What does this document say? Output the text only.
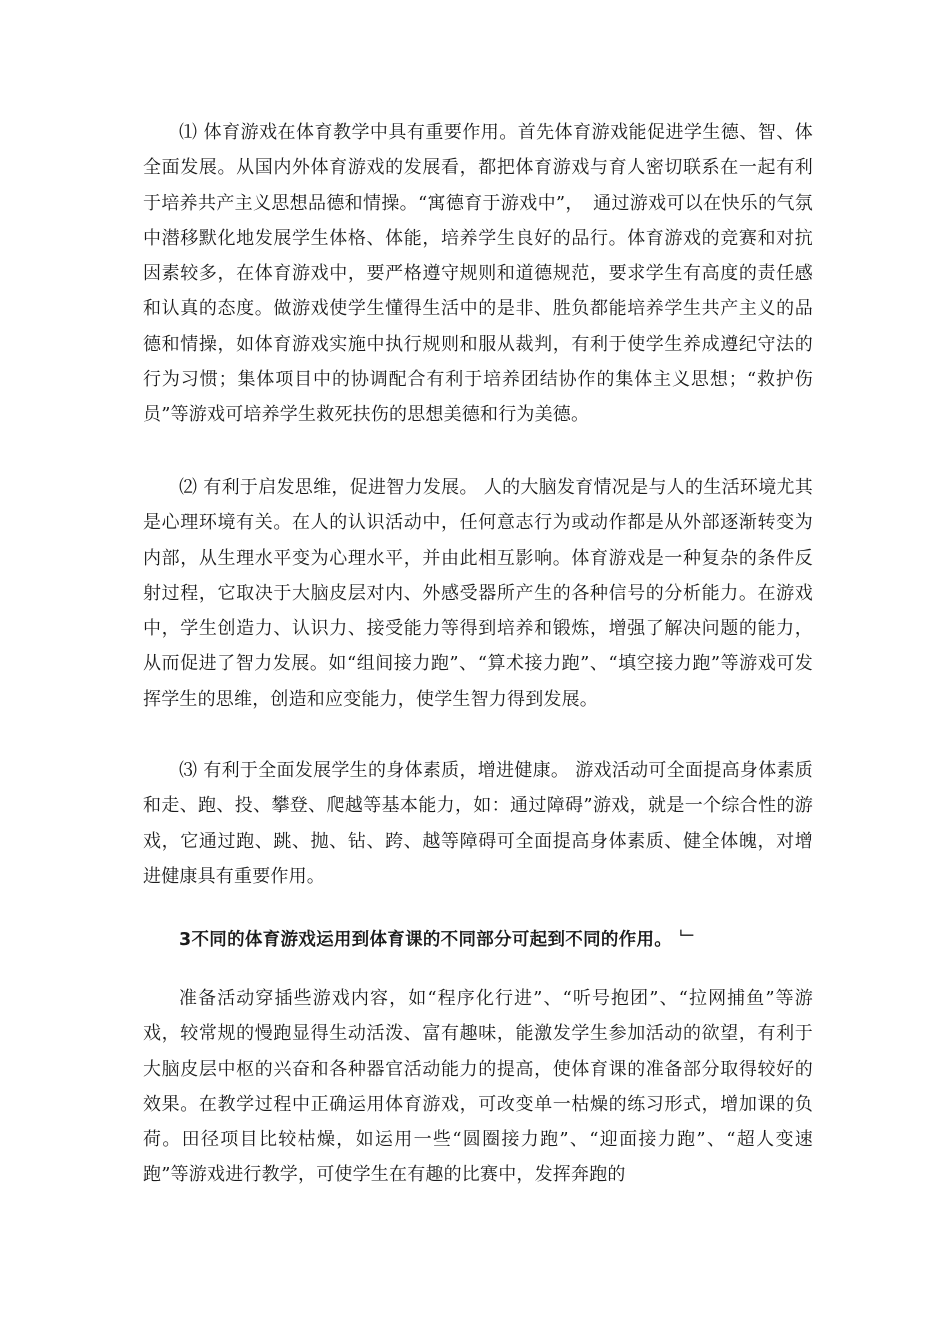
⑴ 体育游戏在体育教学中具有重要作用。首先体育游戏能促进学生德、智、体全面发展。从国内外体育游戏的发展看，都把体育游戏与育人密切联系在一起有利于培养共产主义思想品德和情操。“寓德育于游戏中”，　通过游戏可以在快乐的气氛中潜移默化地发展学生体格、体能，培养学生良好的品行。体育游戏的竞赛和对抗因素较多，在体育游戏中，要严格遵守规则和道德规范，要求学生有高度的责任感和认真的态度。做游戏使学生懂得生活中的是非、胜负都能培养学生共产主义的品德和情操，如体育游戏实施中执行规则和服从裁判，有利于使学生养成遵纪守法的行为习惯；集体项目中的协调配合有利于培养团结协作的集体主义思想；“救护伤员”等游戏可培养学生救死扶伤的思想美德和行为美德。

⑵ 有利于启发思维，促进智力发展。 人的大脑发育情况是与人的生活环境尤其是心理环境有关。在人的认识活动中，任何意志行为或动作都是从外部逐渐转变为内部，从生理水平变为心理水平，并由此相互影响。体育游戏是一种复杂的条件反射过程，它取决于大脑皮层对内、外感受器所产生的各种信号的分析能力。在游戏中，学生创造力、认识力、接受能力等得到培养和锻炼，增强了解决问题的能力，从而促进了智力发展。如“组间接力跑”、“算术接力跑”、“填空接力跑”等游戏可发挥学生的思维，创造和应变能力，使学生智力得到发展。

⑶ 有利于全面发展学生的身体素质，增进健康。 游戏活动可全面提高身体素质和走、跑、投、攀登、爬越等基本能力，如：通过障碍”游戏，就是一个综合性的游戏，它通过跑、跳、抛、钻、跨、越等障碍可全面提高身体素质、健全体魄，对增进健康具有重要作用。

3不同的体育游戏运用到体育课的不同部分可起到不同的作用。 ﹂

准备活动穿插些游戏内容，如“程序化行进”、“听号抱团”、“拉网捕鱼”等游戏，较常规的慢跑显得生动活泼、富有趣味，能激发学生参加活动的欲望，有利于大脑皮层中枢的兴奋和各种器官活动能力的提高，使体育课的准备部分取得较好的效果。在教学过程中正确运用体育游戏，可改变单一枯燥的练习形式，增加课的负荷。田径项目比较枯燥，如运用一些“圆圈接力跑”、“迎面接力跑”、“超人变速跑”等游戏进行教学，可使学生在有趣的比赛中，发挥奔跑的
